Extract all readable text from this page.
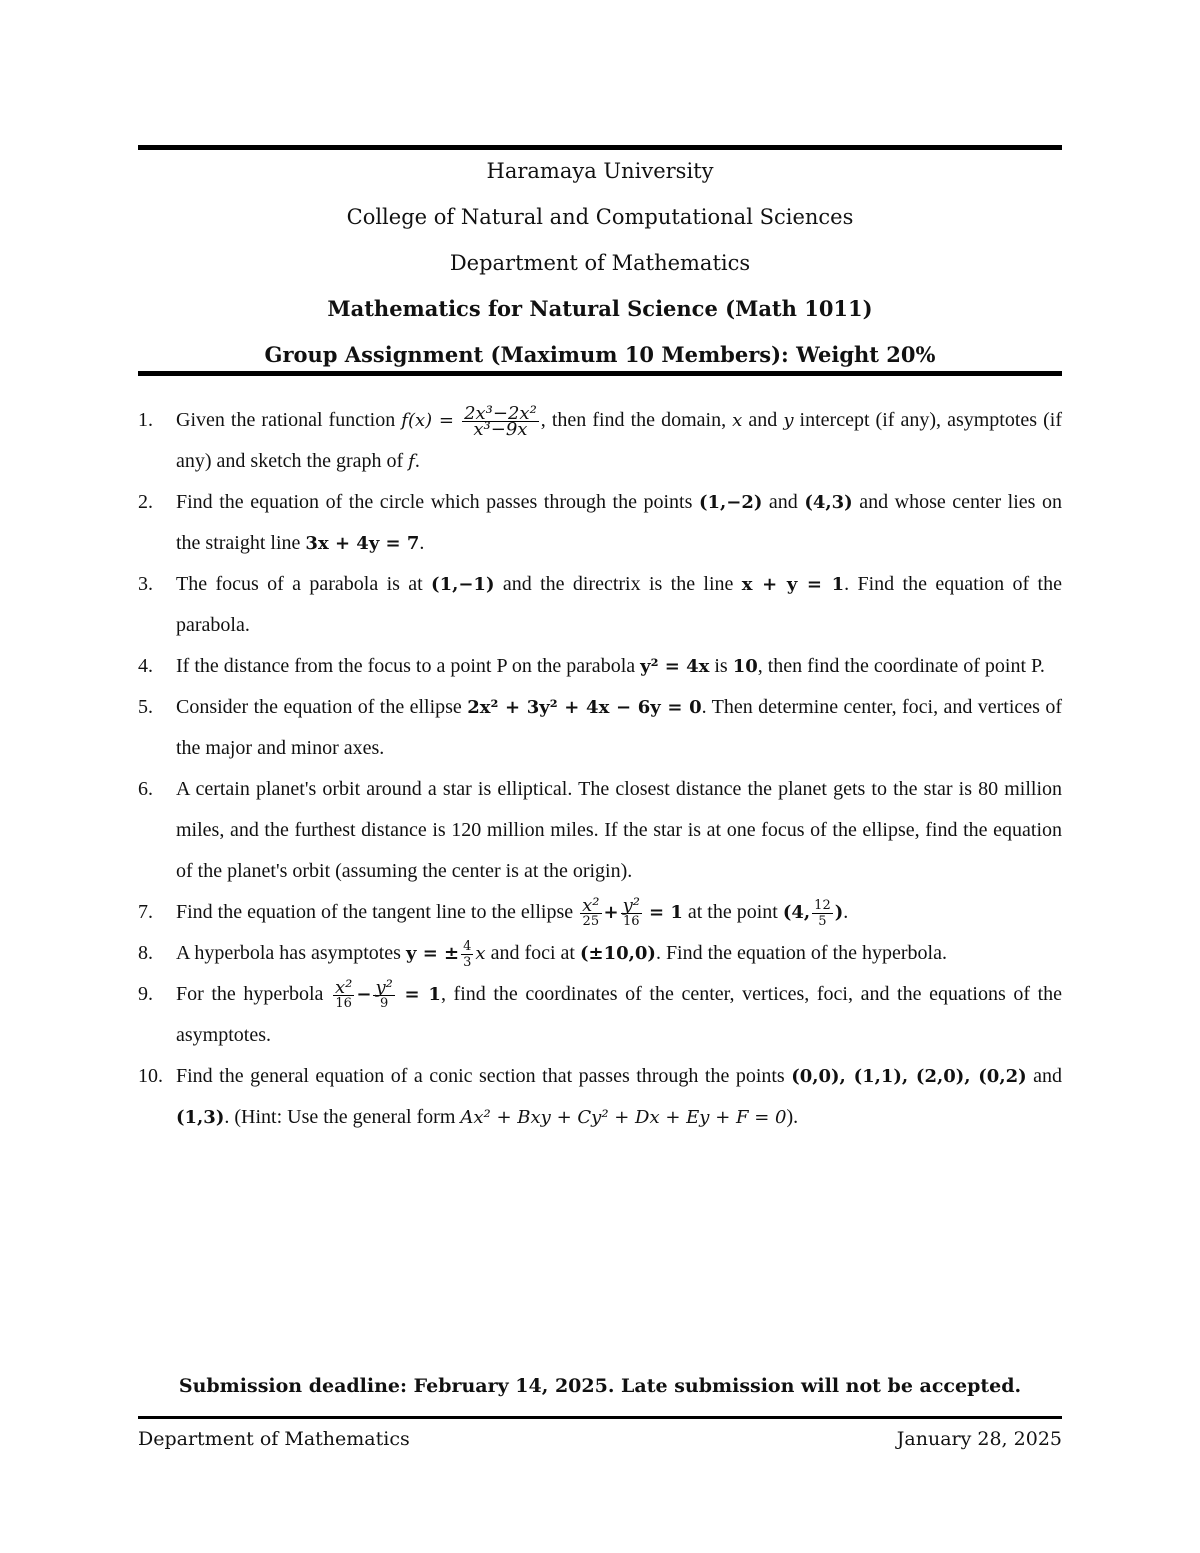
Haramaya University
College of Natural and Computational Sciences
Department of Mathematics
Mathematics for Natural Science (Math 1011)
Group Assignment (Maximum 10 Members): Weight 20%
1.	Given the rational function $f(x) = \frac{\text{2x³−2x²}}{\text{x³−9x}}$ , then find the domain, x and y intercept (if any), asymptotes (if any) and sketch the graph of f.
2.	Find the equation of the circle which passes through the points (1,−2) and (4,3) and whose center lies on the straight line 3x + 4y = 7.
3.	The focus of a parabola is at (1,−1) and the directrix is the line x + y = 1. Find the equation of the parabola.
4.	If the distance from the focus to a point P on the parabola y² = 4x is 10, then find the coordinate of point P.
5.	Consider the equation of the ellipse 2x² + 3y² + 4x − 6y = 0. Then determine center, foci, and vertices of the major and minor axes.
6.	A certain planet's orbit around a star is elliptical. The closest distance the planet gets to the star is 80 million miles, and the furthest distance is 120 million miles. If the star is at one focus of the ellipse, find the equation of the planet's orbit (assuming the center is at the origin).
7.	Find the equation of the tangent line to the ellipse $\frac{\text{x²}}{25} + \frac{\text{y²}}{16} = 1$ at the point (4, $\frac{12}{5}$ ).
8.	A hyperbola has asymptotes y = ± $\frac{4}{3}$ x and foci at (±10,0). Find the equation of the hyperbola.
9.	For the hyperbola $\frac{\text{x²}}{16} - \frac{\text{y²}}{9} = 1$, find the coordinates of the center, vertices, foci, and the equations of the asymptotes.
10. Find the general equation of a conic section that passes through the points (0,0), (1,1), (2,0), (0,2) and (1,3). (Hint: Use the general form Ax² + Bxy + Cy² + Dx + Ey + F = 0).
Submission deadline: February 14, 2025. Late submission will not be accepted.
Department of Mathematics	January 28, 2025
